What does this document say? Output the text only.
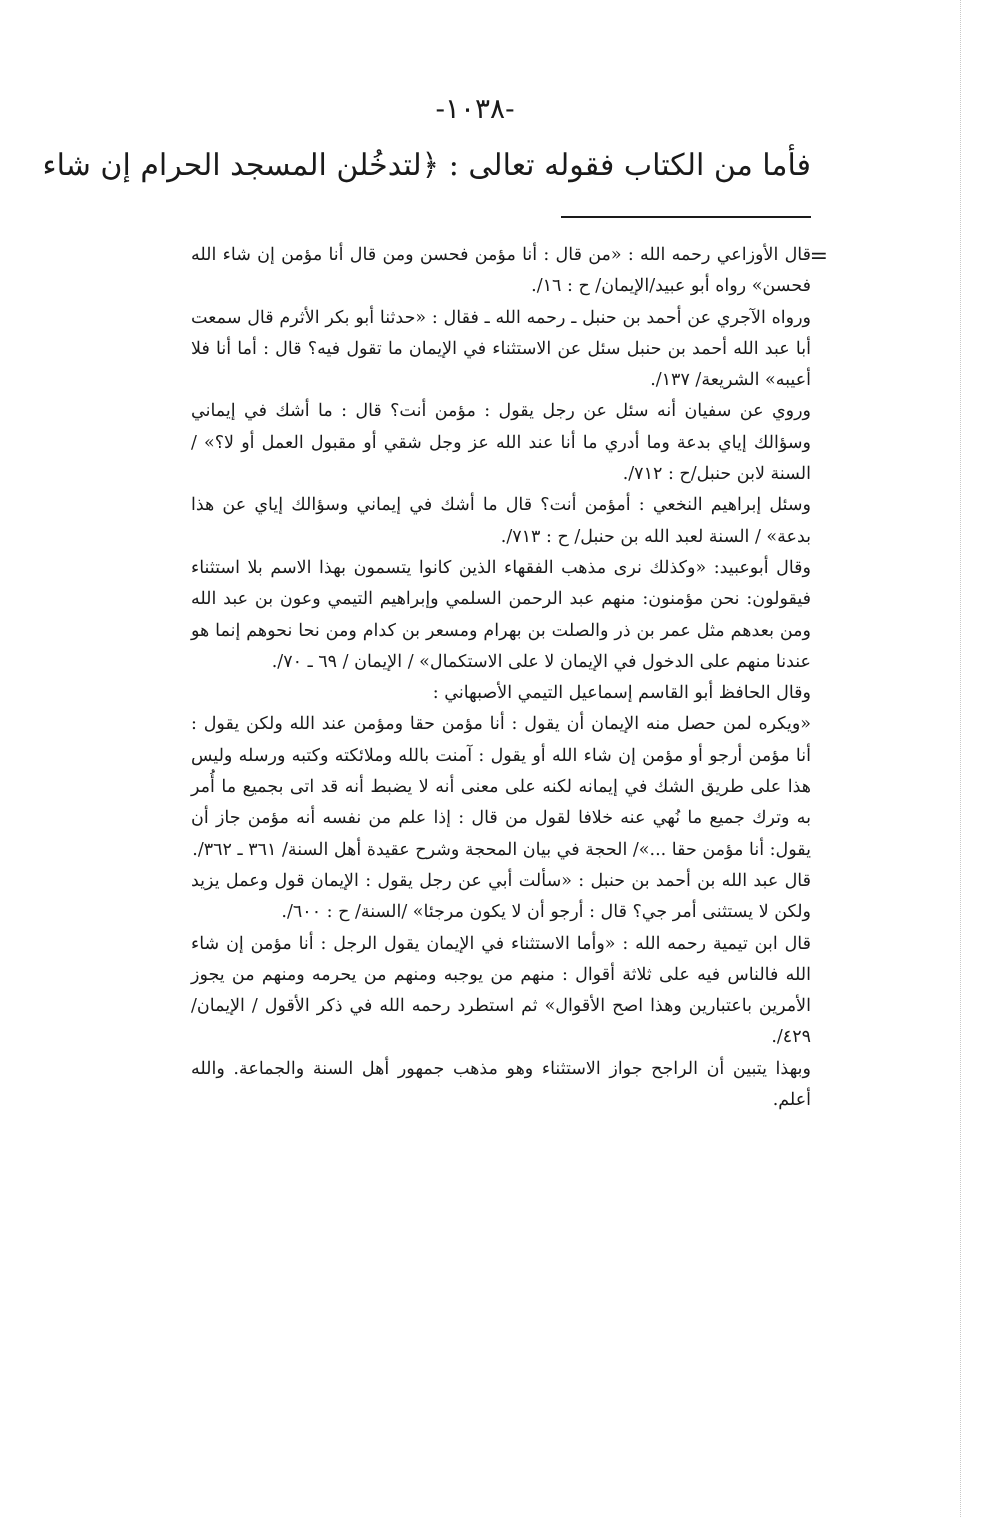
-١٠٣٨-
فأما من الكتاب فقوله تعالى : ﴿لتدخُلن المسجد الحرام إن شاء
=

قال الأوزاعي رحمه الله : «من قال : أنا مؤمن فحسن ومن قال أنا مؤمن إن شاء الله فحسن» رواه أبو عبيد/الإيمان/ ح : ١٦/.

ورواه الآجري عن أحمد بن حنبل ـ رحمه الله ـ فقال : «حدثنا أبو بكر الأثرم قال سمعت أبا عبد الله أحمد بن حنبل سئل عن الاستثناء في الإيمان ما تقول فيه؟ قال : أما أنا فلا أعيبه» الشريعة/ ١٣٧/.

وروي عن سفيان أنه سئل عن رجل يقول : مؤمن أنت؟ قال : ما أشك في إيماني وسؤالك إياي بدعة وما أدري ما أنا عند الله عز وجل شقي أو مقبول العمل أو لا؟» / السنة لابن حنبل/ح : ٧١٢/.

وسئل إبراهيم النخعي : أمؤمن أنت؟ قال ما أشك في إيماني وسؤالك إياي عن هذا بدعة» / السنة لعبد الله بن حنبل/ ح : ٧١٣/.

وقال أبوعبيد: «وكذلك نرى مذهب الفقهاء الذين كانوا يتسمون بهذا الاسم بلا استثناء فيقولون: نحن مؤمنون: منهم عبد الرحمن السلمي وإبراهيم التيمي وعون بن عبد الله ومن بعدهم مثل عمر بن ذر والصلت بن بهرام ومسعر بن كدام ومن نحا نحوهم إنما هو عندنا منهم على الدخول في الإيمان لا على الاستكمال» / الإيمان / ٦٩ ـ ٧٠/.

وقال الحافظ أبو القاسم إسماعيل التيمي الأصبهاني :

«ويكره لمن حصل منه الإيمان أن يقول : أنا مؤمن حقا ومؤمن عند الله ولكن يقول : أنا مؤمن أرجو أو مؤمن إن شاء الله أو يقول : آمنت بالله وملائكته وكتبه ورسله وليس هذا على طريق الشك في إيمانه لكنه على معنى أنه لا يضبط أنه قد اتى بجميع ما أُمر به وترك جميع ما نُهي عنه خلافا لقول من قال : إذا علم من نفسه أنه مؤمن جاز أن يقول: أنا مؤمن حقا ...»/ الحجة في بيان المحجة وشرح عقيدة أهل السنة/ ٣٦١ ـ ٣٦٢/.

قال عبد الله بن أحمد بن حنبل : «سألت أبي عن رجل يقول : الإيمان قول وعمل يزيد ولكن لا يستثنى أمر جي؟ قال : أرجو أن لا يكون مرجئا» /السنة/ ح : ٦٠٠/.

قال ابن تيمية رحمه الله : «وأما الاستثناء في الإيمان يقول الرجل : أنا مؤمن إن شاء الله فالناس فيه على ثلاثة أقوال : منهم من يوجبه ومنهم من يحرمه ومنهم من يجوز الأمرين باعتبارين وهذا اصح الأقوال» ثم استطرد رحمه الله في ذكر الأقول / الإيمان/ ٤٢٩/.

وبهذا يتبين أن الراجح جواز الاستثناء وهو مذهب جمهور أهل السنة والجماعة. والله أعلم.
